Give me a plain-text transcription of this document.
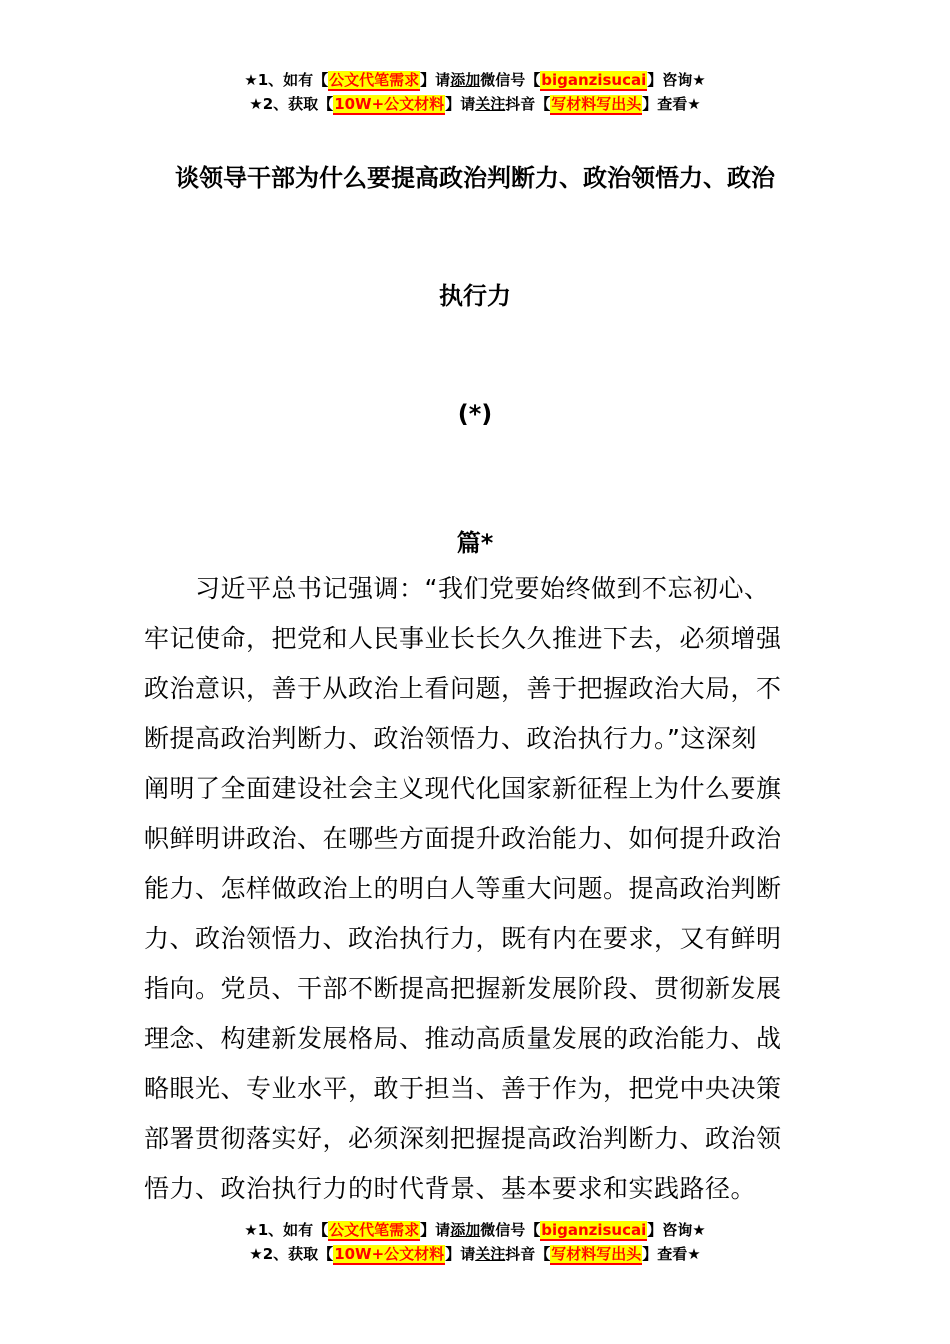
★1、如有【公文代笔需求】请添加微信号【biganzisucai】咨询★
★2、获取【10W+公文材料】请关注抖音【写材料写出头】查看★
谈领导干部为什么要提高政治判断力、政治领悟力、政治
执行力
(*)
篇*
　　习近平总书记强调：“我们党要始终做到不忘初心、
牢记使命，把党和人民事业长长久久推进下去，必须增强
政治意识，善于从政治上看问题，善于把握政治大局，不
断提高政治判断力、政治领悟力、政治执行力。”这深刻
阐明了全面建设社会主义现代化国家新征程上为什么要旗
帜鲜明讲政治、在哪些方面提升政治能力、如何提升政治
能力、怎样做政治上的明白人等重大问题。提高政治判断
力、政治领悟力、政治执行力，既有内在要求，又有鲜明
指向。党员、干部不断提高把握新发展阶段、贯彻新发展
理念、构建新发展格局、推动高质量发展的政治能力、战
略眼光、专业水平，敢于担当、善于作为，把党中央决策
部署贯彻落实好，必须深刻把握提高政治判断力、政治领
悟力、政治执行力的时代背景、基本要求和实践路径。
★1、如有【公文代笔需求】请添加微信号【biganzisucai】咨询★
★2、获取【10W+公文材料】请关注抖音【写材料写出头】查看★
